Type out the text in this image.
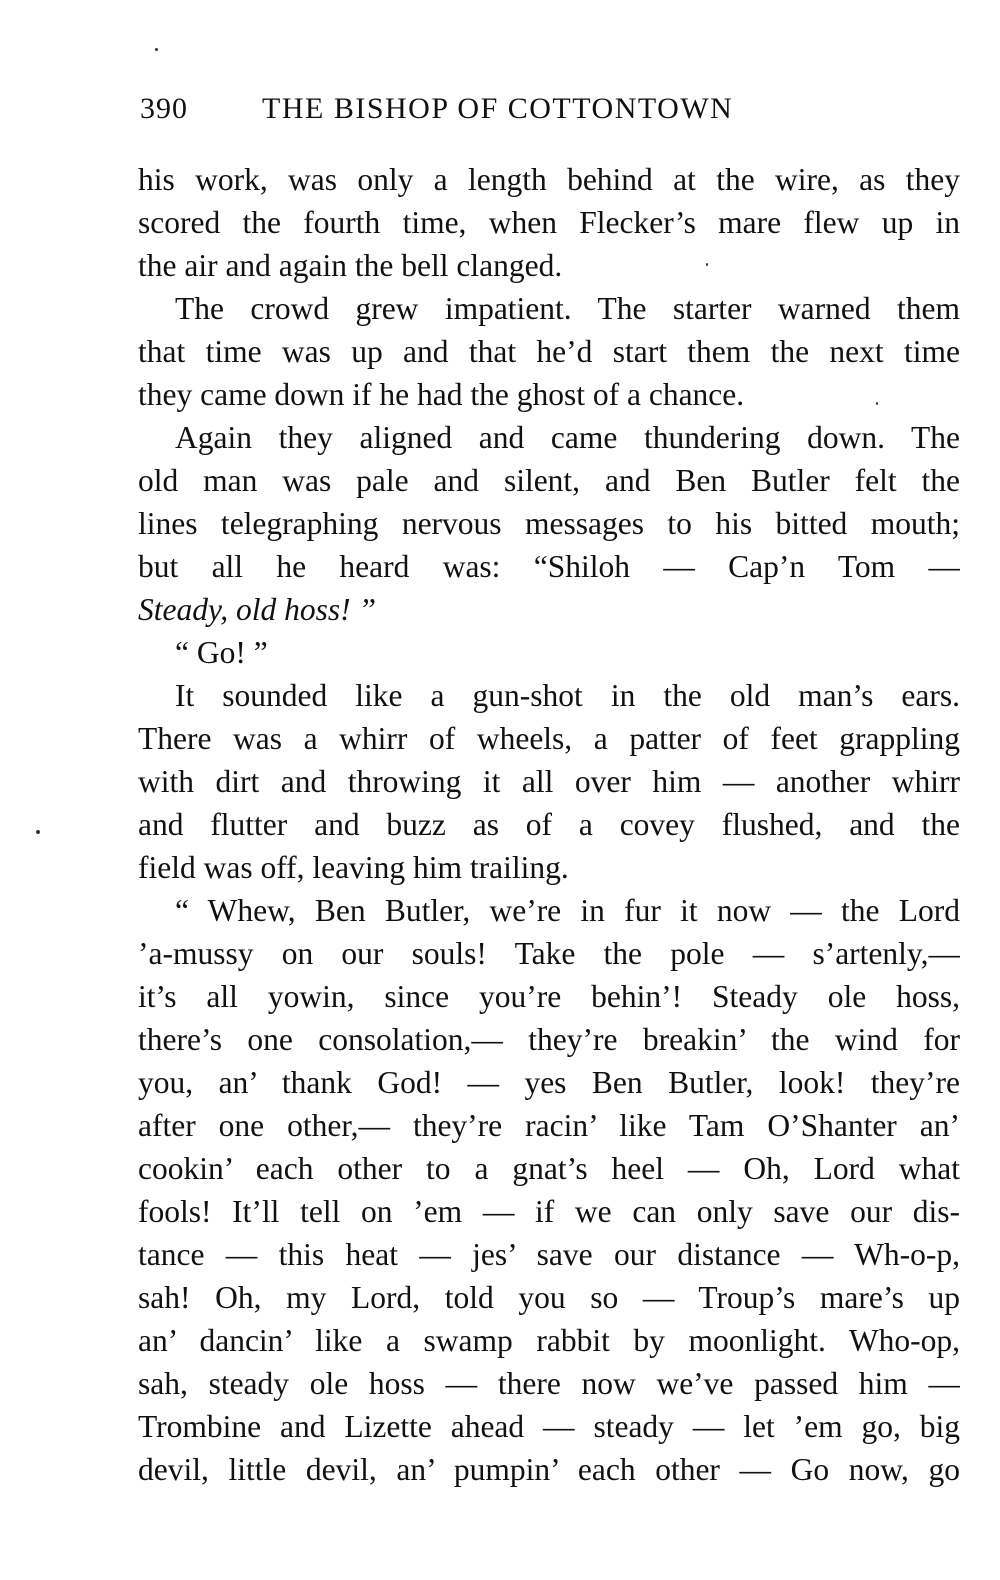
390 THE BISHOP OF COTTONTOWN
his work, was only a length behind at the wire, as they
scored the fourth time, when Flecker’s mare flew up in
the air and again the bell clanged.
The crowd grew impatient. The starter warned them
that time was up and that he’d start them the next time
they came down if he had the ghost of a chance.
Again they aligned and came thundering down. The
old man was pale and silent, and Ben Butler felt the
lines telegraphing nervous messages to his bitted mouth;
but all he heard was: “Shiloh — Cap’n Tom —
Steady, old hoss! ”
“ Go! ”
It sounded like a gun-shot in the old man’s ears.
There was a whirr of wheels, a patter of feet grappling
with dirt and throwing it all over him — another whirr
and flutter and buzz as of a covey flushed, and the
field was off, leaving him trailing.
“ Whew, Ben Butler, we’re in fur it now — the Lord
’a-mussy on our souls! Take the pole — s’artenly,—
it’s all yowin, since you’re behin’! Steady ole hoss,
there’s one consolation,— they’re breakin’ the wind for
you, an’ thank God! — yes Ben Butler, look! they’re
after one other,— they’re racin’ like Tam O’Shanter an’
cookin’ each other to a gnat’s heel — Oh, Lord what
fools! It’ll tell on ’em — if we can only save our dis-
tance — this heat — jes’ save our distance — Wh-o-p,
sah! Oh, my Lord, told you so — Troup’s mare’s up
an’ dancin’ like a swamp rabbit by moonlight. Who-op,
sah, steady ole hoss — there now we’ve passed him —
Trombine and Lizette ahead — steady — let ’em go, big
devil, little devil, an’ pumpin’ each other — Go now, go
